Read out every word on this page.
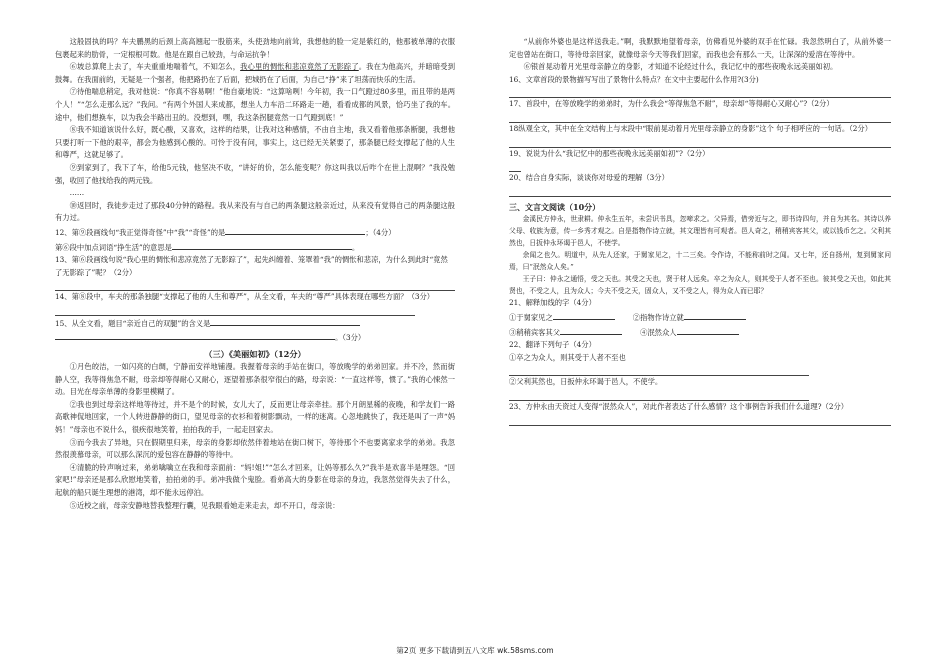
这般固执的吗？车夫鹏黑的后颈上高高翘起一股筋来，头使劲地向前耸，我想他的脸一定是紫红的，他那被单薄的衣服包裹起来的肋骨，一定根根可数。他是在跟自己较劲，与命运抗争！

⑥坡总算爬上去了，车夫重重地喘着气，不知怎么，我心里的惆怅和悲凉竟然了无影踪了。我在为他高兴，并暗暗受到鼓舞。在我面前的，无疑是一个强者，他把路扔在了后面，把城扔在了后面，为自己“挣”来了坦荡而快乐的生活。

⑦待他喘息稍定，我对他说：“你真不容易啊！”他自豪地说：“这算啥咧！今年初，我一口气蹬过80多里，而且带的是两个人！”“怎么走那么远？”我问。“有两个外国人来成都，想坐人力车沿二环路走一趟，看看成都的风景，恰巧坐了我的车。途中，他们想换车，以为我会半路出丑的。没想到，嘿，我这条拐腿竟然一口气蹬到底！”

⑧我不知道该说什么好，既心酸，又喜欢，这样的结果，让我对这种感情，不由自主地，我又看着他那条断腿，我想他只要打听一下他的艰辛，都会为他感到心酸的。可怜于没有问，事实上，这已经无关紧要了，那条腿已经支撑起了他的人生和尊严，这就足够了。

⑨到家到了，我下了车，给他5元钱，他坚决不收，“讲好的价，怎么能变呢？你这叫我以后咋个在世上混啊？”我没勉强，收回了他找给我的两元钱。

……

⑩返回时，我徒步走过了那段40分钟的路程。我从来没有与自己的两条腿这般亲近过，从来没有觉得自己的两条腿这般有力过。

12、第⑨段画线句“我正觉得奇怪”中“我”“奇怪”的是	；（4分）

第⑥段中加点词语“挣生活”的意思是	。

13、第⑥段画线句说“我心里的惆怅和悲凉竟然了无影踪了”，起先纠缠着、笼罩着“我”的惆怅和悲凉，为什么到此时“竟然了无影踪了”呢？（2分）

14、第⑧段中，车夫的那条独腿“支撑起了他的人生和尊严”，从全文看，车夫的“尊严”具体表现在哪些方面？（3分）

15、从全文看，题目“亲近自己的双腿”的含义是

。（3分）

（三）《美丽如初》（12分）

①月色皎洁，一如闪亮的白绸，宁静而安祥地铺漫。我握着母亲的手站在街口，等放晚学的弟弟回家。并不冷，然而街静人空，我等得焦急不耐，母亲却等得耐心又耐心，逐望着那条很窄很白的路，母亲说：“一直这样等，惯了。”我的心悚然一动。目光在母亲单薄的身影里模糊了。

②我也到过母亲这样地等待过，并不是个的时候，女儿大了，反而更让母亲牵挂。那个月朗星稀的夜晚，和学友们一路高歌神侃地回家，一个人转进静静的街口，望见母亲的衣衫和着树影飘动，一样的迷离。心忽地跳快了，我还是叫了一声“妈妈！”母亲也不说什么，很疾很地笑着，拍拍我的手，一起走回家去。

③而今我去了异地，只在假期里归来，母亲的身影却依然伴着地站在街口树下，等待那个不也要离家求学的弟弟。我忽然很羡慕母亲，可以那么深沉的爱包容在静静的等待中。

④清脆的铃声响过来，弟弟噙噙立在我和母亲面前：“妈!姐!”“怎么才回来，让妈等那么久?”我半是欢喜半是埋怨。“回家吧!”母亲还是那么欣慰地笑着，拍拍弟的手。弟冲我做个鬼脸。看弟高大的身影在母亲的身边，我忽然觉得失去了什么，起航的船只诞生理想的港湾，却不能永远停泊。

⑤近校之前，母亲安静地替我整理行囊，见我眼看她走来走去，却不开口，母亲说：

“从前你外婆也是这样送我走。”啊，我默默地望着母亲，仿佛看见外婆的双手在忙碌。我忽然明白了，从前外婆一定也曾站在街口，等待母亲回家，就像母亲今天等我们回家，而我也会有那么一天，让深深的爱溶在等待中。

⑥银首晃动着月光里母亲静立的身影，才知道不论经过什么，我记忆中的那些夜晚永远美丽如初。

16、文章首段的景物描写写出了景物什么特点？在文中主要起什么作用?(3分)

17、首段中，在等放晚学的弟弟时，为什么我会“等得焦急不耐”，母亲却“等得耐心又耐心”?（2分）

18纵观全文，其中在全文结构上与末段中“眼前晃动着月光里母亲静立的身影”这个 句子相呼应的一句话。（2分）

19、说说为什么“我记忆中的那些夜晚永远美丽如初”?（2分）

20、结合自身实际，谈谈你对母爱的理解（3分）

三、文言文阅读（10分）

金溪民方仲永，世隶耕。仲永生五年，未尝识书具，忽啼求之。父异焉，借旁近与之，即书诗四句，并自为其名。其诗以养父母、收族为意，传一乡秀才观之。自是指物作诗立就，其文理皆有可观者。邑人奇之，稍稍宾客其父，或以钱币乞之。父利其然也，日扳仲永环谒于邑人，不使学。

余闻之也久。明道中，从先人还家，于舅家见之，十二三矣。令作诗，不能称前时之闻。又七年，还自扬州，复到舅家问焉，曰“泯然众人矣。”

王子曰：仲永之通悟，受之天也。其受之天也，贤于材人远矣。卒之为众人，则其受于人者不至也。彼其受之天也，如此其贤也，不受之人，且为众人；今夫不受之天，固众人，又不受之人，得为众人而已耶？

21、解释加线的字（4分）

①于舅家见之	②指物作诗立就
③稍稍宾客其父	④泯然众人

22、翻译下列句子（4分）

①卒之为众人，则其受于人者不至也

②父利其然也，日扳仲永环谒于邑人，不使学。

23、方仲永由天资过人变得“泯然众人”，对此作者表达了什么感情？这个事例告诉我们什么道理?（2分）

第2页 更多下载请到五八文库 wk.58sms.com
